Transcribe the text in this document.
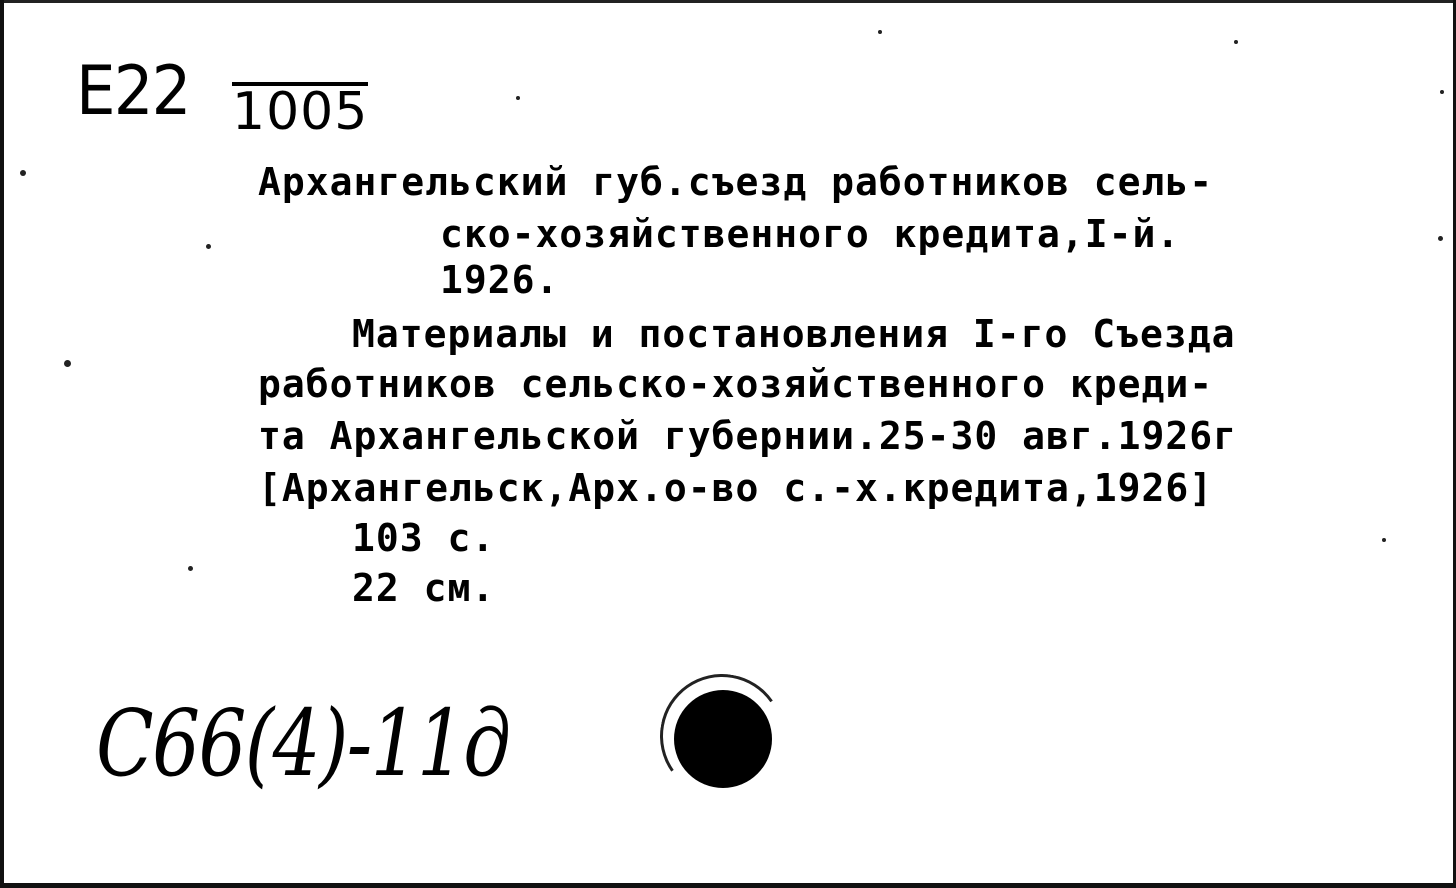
E22 1005
Архангельский губ.съезд работников сель-
ско-хозяйственного кредита,I-й.
1926.
Материалы и постановления I-го Съезда
работников сельско-хозяйственного креди-
та Архангельской губернии.25-30 авг.1926г
[Архангельск,Арх.о-во с.-х.кредита,1926]
103 с.
22 см.
С66(4)-11д
